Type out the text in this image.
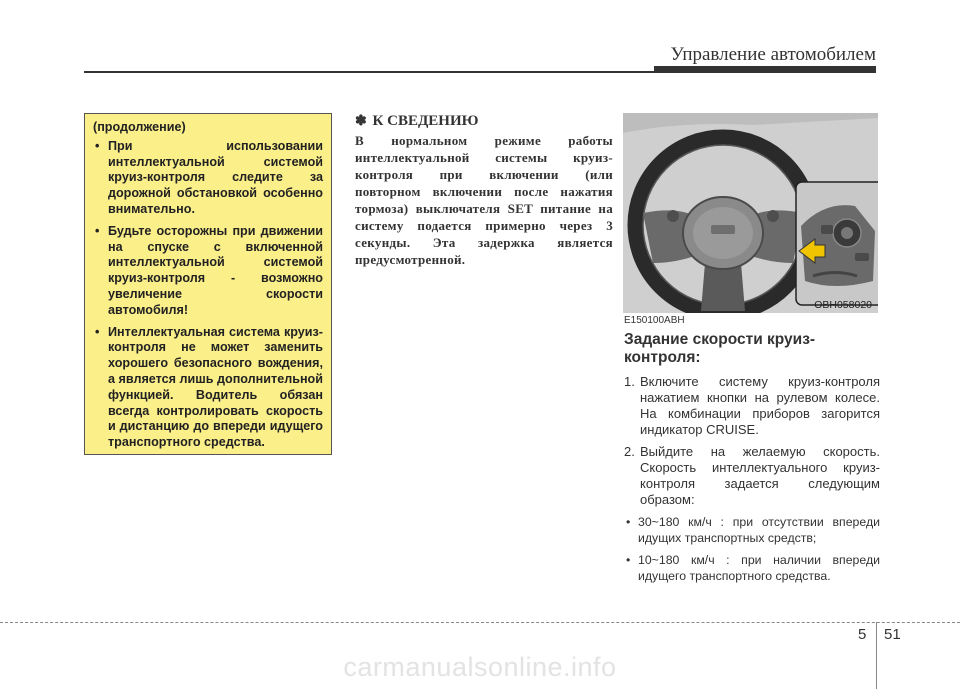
Управление автомобилем
(продолжение)
• При использовании интеллектуальной системой круиз-контроля следите за дорожной обстановкой особенно внимательно.
• Будьте осторожны при движении на спуске с включенной интеллектуальной системой круиз-контроля - возможно увеличение скорости автомобиля!
• Интеллектуальная система круиз-контроля не может заменить хорошего безопасного вождения, а является лишь дополнительной функцией. Водитель обязан всегда контролировать скорость и дистанцию до впереди идущего транспортного средства.
✽ К СВЕДЕНИЮ
В нормальном режиме работы интеллектуальной системы круиз-контроля при включении (или повторном включении после нажатия тормоза) выключателя SET питание на систему подается примерно через 3 секунды. Эта задержка является предусмотренной.
OBH058020
E150100ABH
Задание скорости круиз-контроля:
1. Включите систему круиз-контроля нажатием кнопки на рулевом колесе. На комбинации приборов загорится индикатор CRUISE.
2. Выйдите на желаемую скорость. Скорость интеллектуального круиз-контроля задается следующим образом:
• 30~180 км/ч : при отсутствии впереди идущих транспортных средств;
• 10~180 км/ч : при наличии впереди идущего транспортного средства.
5 51
carmanualsonline.info
